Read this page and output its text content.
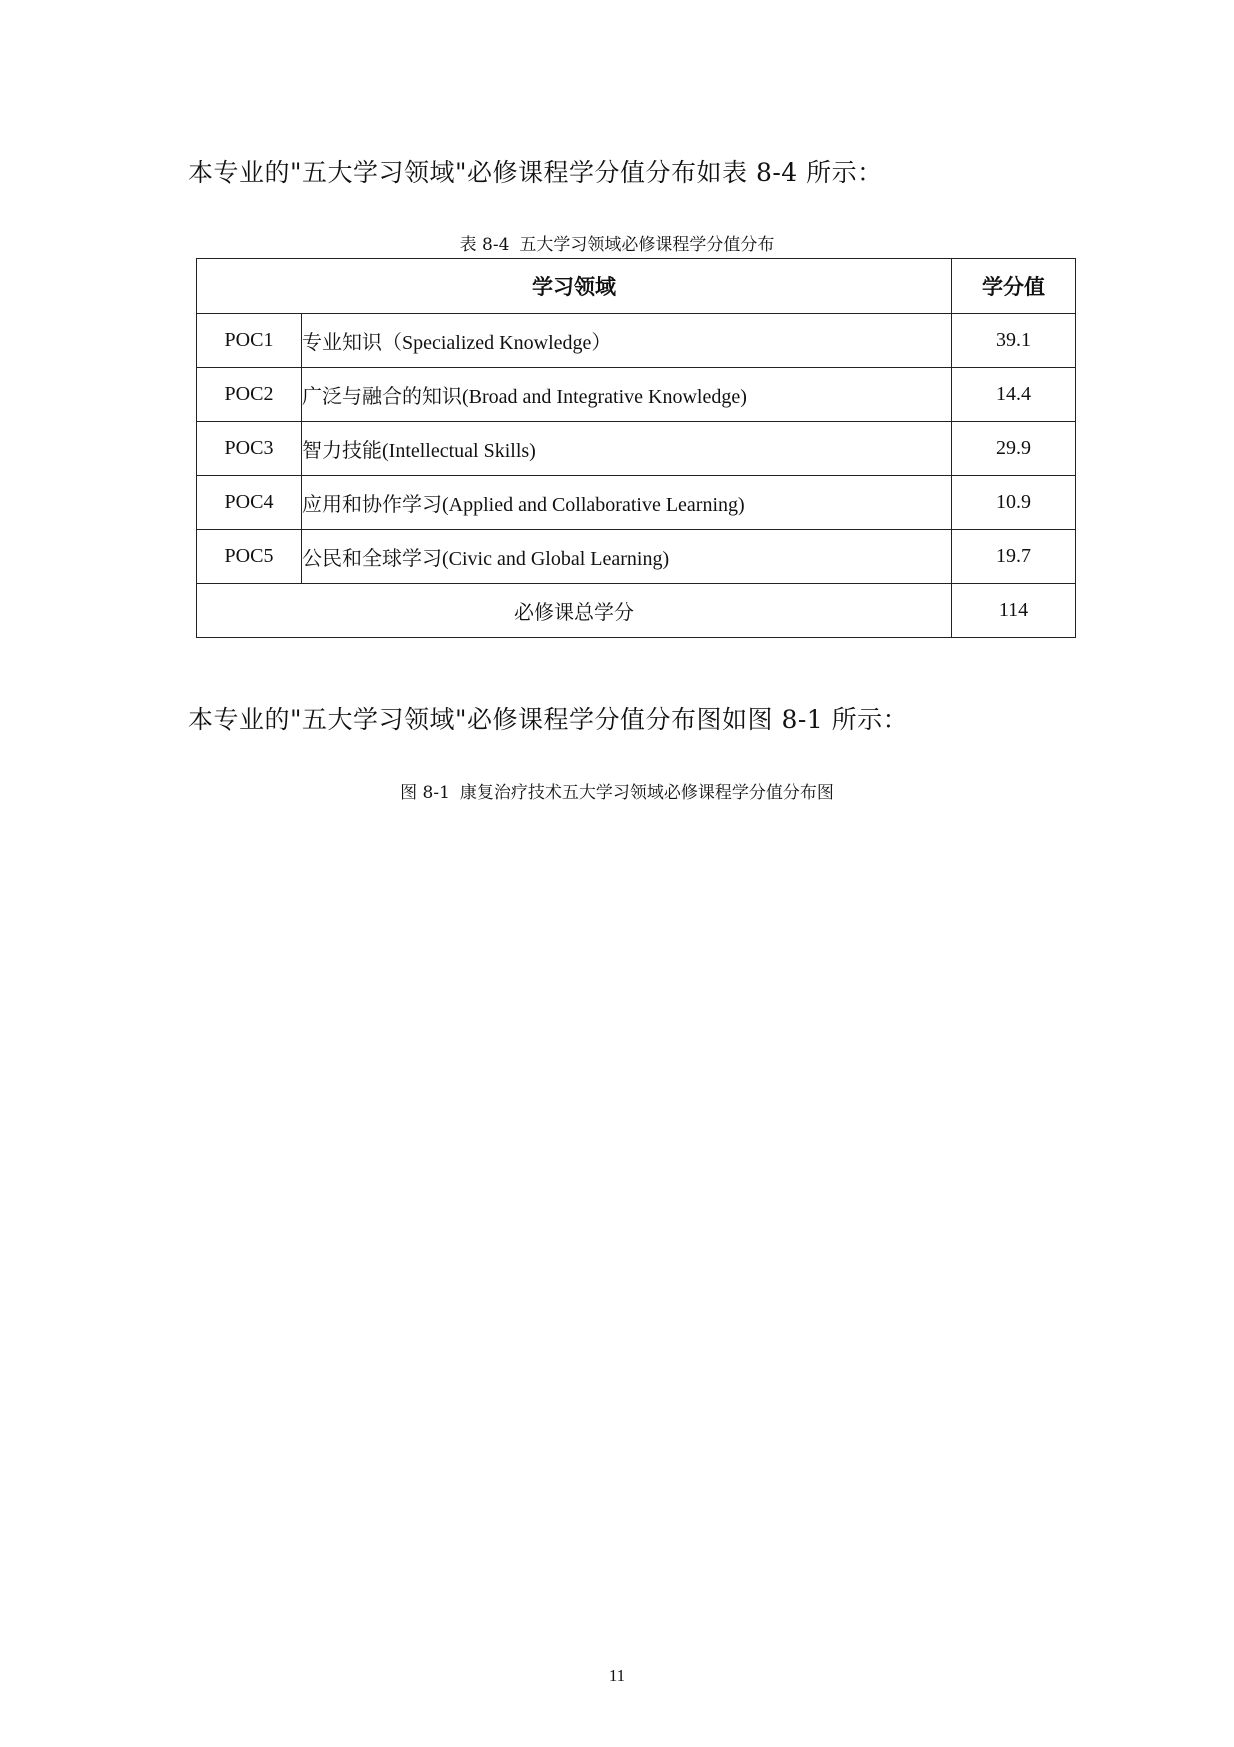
本专业的"五大学习领域"必修课程学分值分布如表 8-4 所示：

表 8-4 五大学习领域必修课程学分值分布
学习领域		学分值
POC1	专业知识（Specialized Knowledge）	39.1
POC2	广泛与融合的知识(Broad and Integrative Knowledge)	14.4
POC3	智力技能(Intellectual Skills)	29.9
POC4	应用和协作学习(Applied and Collaborative Learning)	10.9
POC5	公民和全球学习(Civic and Global Learning)	19.7
必修课总学分		114

本专业的"五大学习领域"必修课程学分值分布图如图 8-1 所示：

图 8-1 康复治疗技术五大学习领域必修课程学分值分布图
11
